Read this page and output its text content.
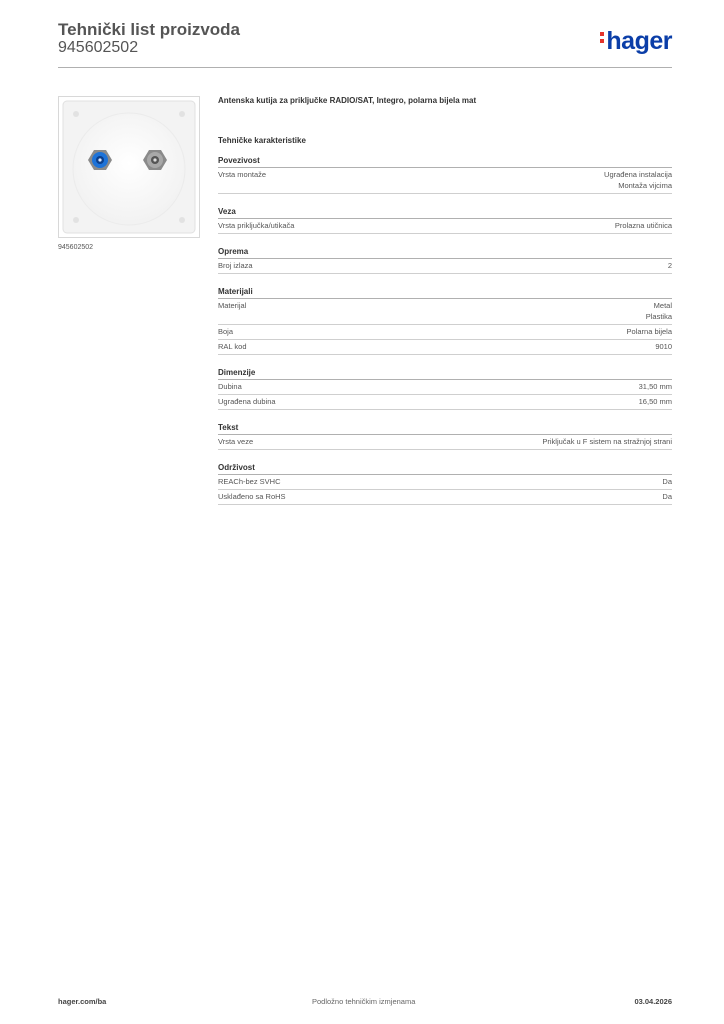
Tehnički list proizvoda
945602502	hager
945602502
Antenska kutija za priključke RADIO/SAT, Integro, polarna bijela mat
Tehničke karakteristike
Povezivost
Vrsta montaže	Ugrađena instalacija
Montaža vijcima
Veza
Vrsta priključka/utikača	Prolazna utičnica
Oprema
Broj izlaza	2
Materijali
Materijal	Metal
Plastika
Boja	Polarna bijela
RAL kod	9010
Dimenzije
Dubina	31,50 mm
Ugrađena dubina	16,50 mm
Tekst
Vrsta veze	Priključak u F sistem na stražnjoj strani
Održivost
REACh-bez SVHC	Da
Usklađeno sa RoHS	Da
hager.com/ba	Podložno tehničkim izmjenama	03.04.2026
